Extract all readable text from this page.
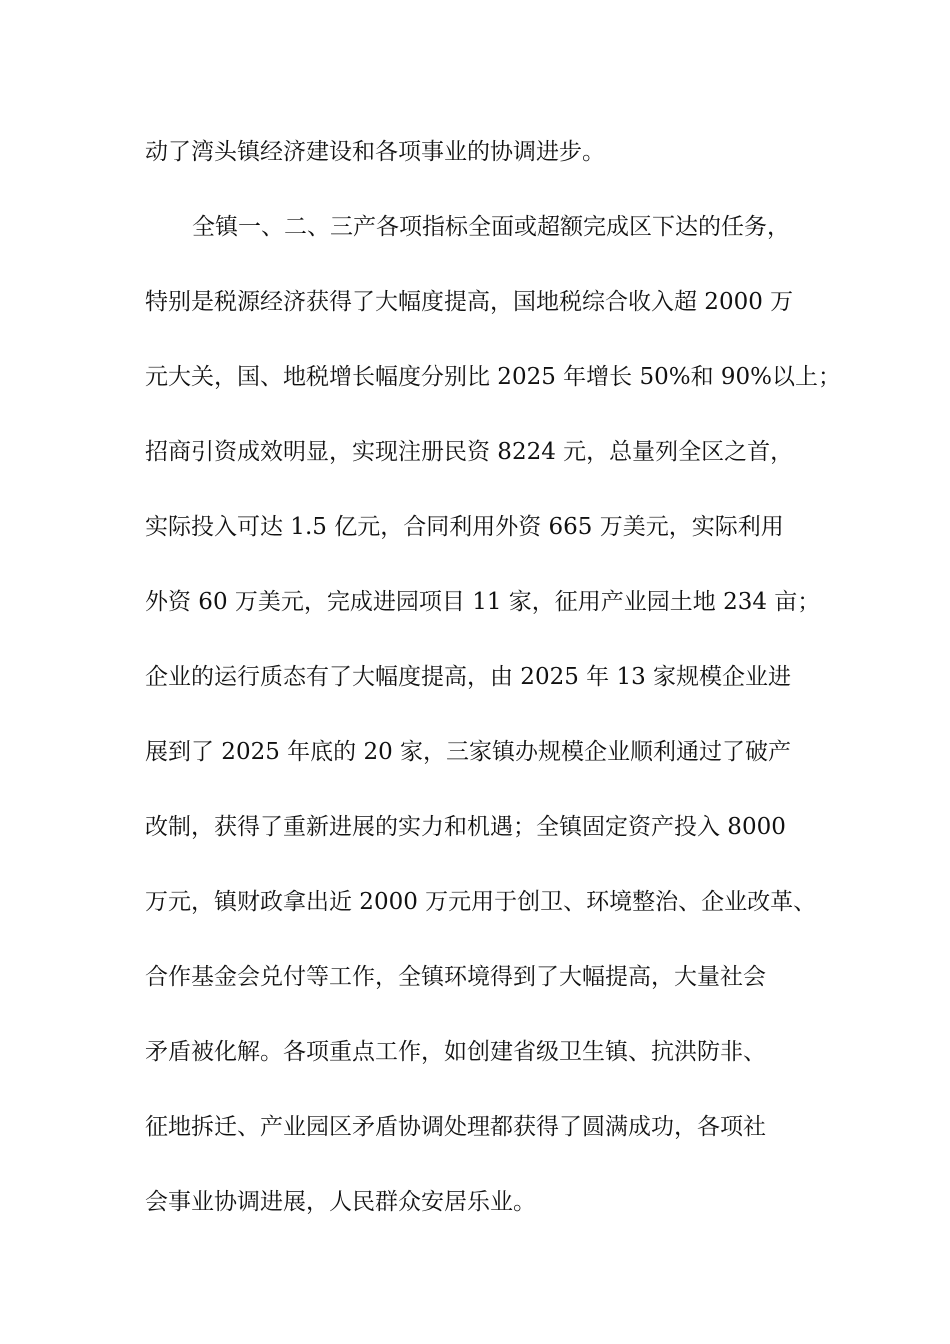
动了湾头镇经济建设和各项事业的协调进步。
全镇一、二、三产各项指标全面或超额完成区下达的任务，
特别是税源经济获得了大幅度提高，国地税综合收入超 2000 万
元大关，国、地税增长幅度分别比 2025 年增长 50%和 90%以上；
招商引资成效明显，实现注册民资 8224 元，总量列全区之首，
实际投入可达 1.5 亿元，合同利用外资 665 万美元，实际利用
外资 60 万美元，完成进园项目 11 家，征用产业园土地 234 亩；
企业的运行质态有了大幅度提高，由 2025 年 13 家规模企业进
展到了 2025 年底的 20 家，三家镇办规模企业顺利通过了破产
改制，获得了重新进展的实力和机遇；全镇固定资产投入 8000
万元，镇财政拿出近 2000 万元用于创卫、环境整治、企业改革、
合作基金会兑付等工作，全镇环境得到了大幅提高，大量社会
矛盾被化解。各项重点工作，如创建省级卫生镇、抗洪防非、
征地拆迁、产业园区矛盾协调处理都获得了圆满成功，各项社
会事业协调进展，人民群众安居乐业。
